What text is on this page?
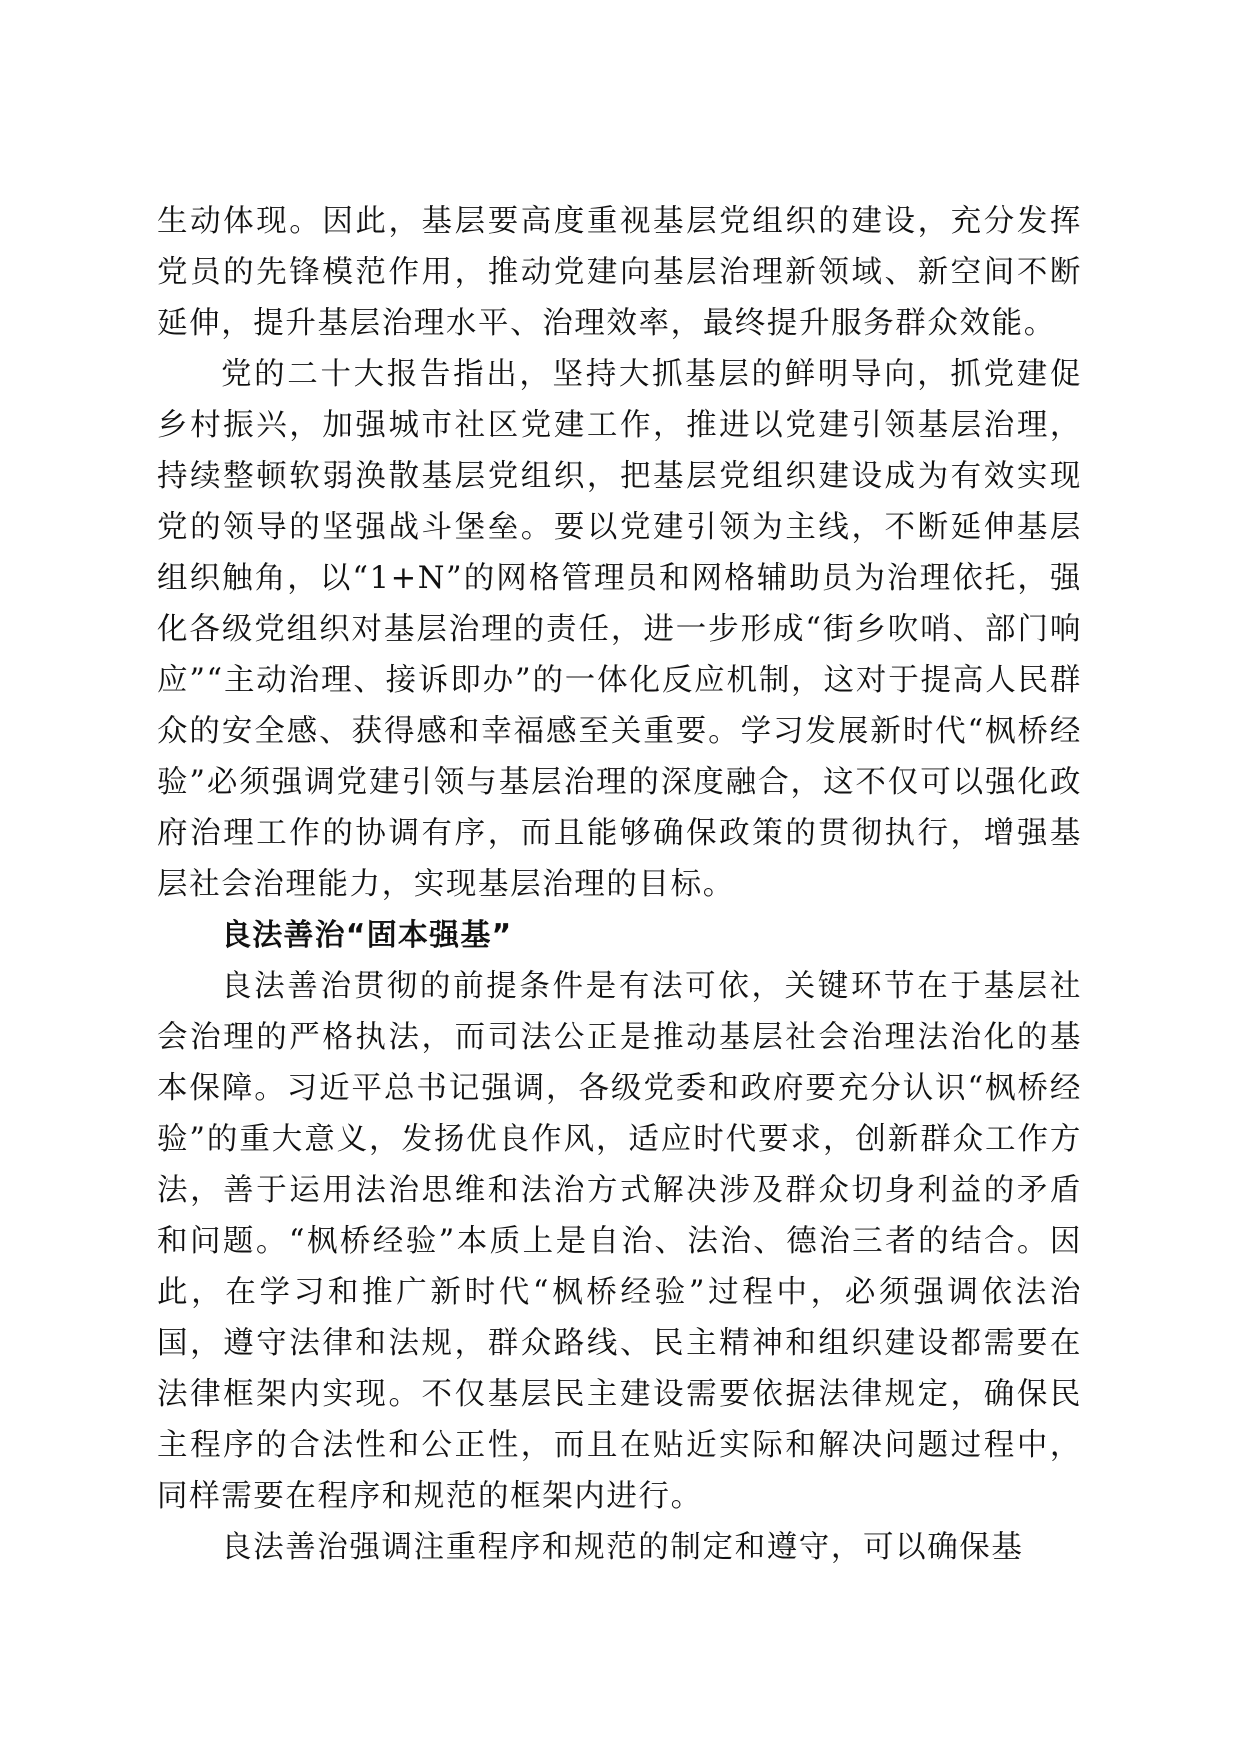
生动体现。因此，基层要高度重视基层党组织的建设，充分发挥党员的先锋模范作用，推动党建向基层治理新领域、新空间不断延伸，提升基层治理水平、治理效率，最终提升服务群众效能。

党的二十大报告指出，坚持大抓基层的鲜明导向，抓党建促乡村振兴，加强城市社区党建工作，推进以党建引领基层治理，持续整顿软弱涣散基层党组织，把基层党组织建设成为有效实现党的领导的坚强战斗堡垒。要以党建引领为主线，不断延伸基层组织触角，以“1+N”的网格管理员和网格辅助员为治理依托，强化各级党组织对基层治理的责任，进一步形成“街乡吹哨、部门响应”“主动治理、接诉即办”的一体化反应机制，这对于提高人民群众的安全感、获得感和幸福感至关重要。学习发展新时代“枫桥经验”必须强调党建引领与基层治理的深度融合，这不仅可以强化政府治理工作的协调有序，而且能够确保政策的贯彻执行，增强基层社会治理能力，实现基层治理的目标。

良法善治“固本强基”

良法善治贯彻的前提条件是有法可依，关键环节在于基层社会治理的严格执法，而司法公正是推动基层社会治理法治化的基本保障。习近平总书记强调，各级党委和政府要充分认识“枫桥经验”的重大意义，发扬优良作风，适应时代要求，创新群众工作方法，善于运用法治思维和法治方式解决涉及群众切身利益的矛盾和问题。“枫桥经验”本质上是自治、法治、德治三者的结合。因此，在学习和推广新时代“枫桥经验”过程中，必须强调依法治国，遵守法律和法规，群众路线、民主精神和组织建设都需要在法律框架内实现。不仅基层民主建设需要依据法律规定，确保民主程序的合法性和公正性，而且在贴近实际和解决问题过程中，同样需要在程序和规范的框架内进行。

良法善治强调注重程序和规范的制定和遵守，可以确保基
